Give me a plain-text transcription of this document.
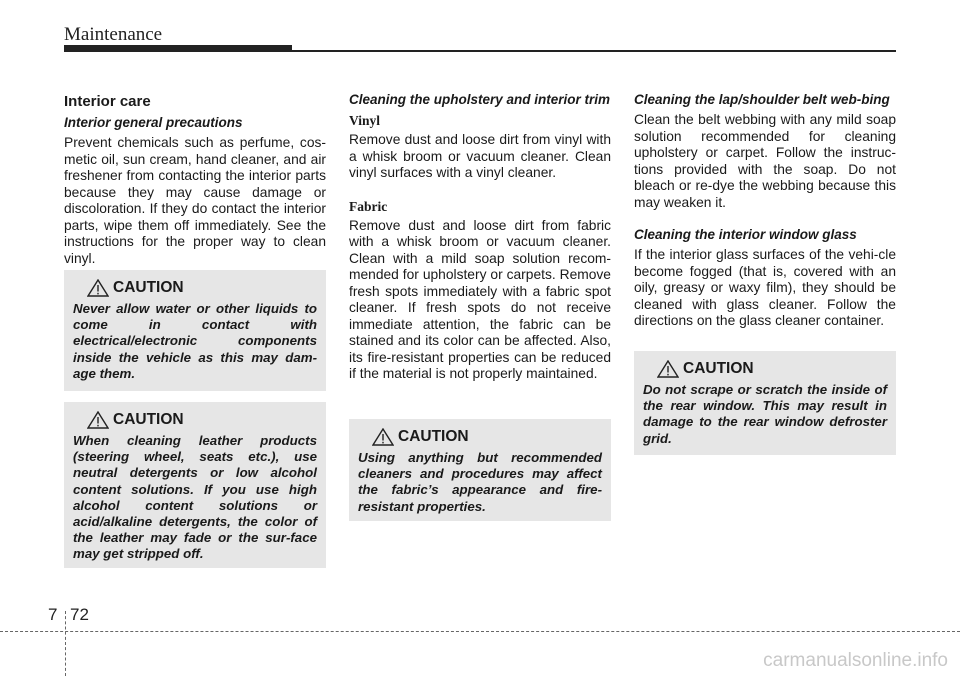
Maintenance
Interior care
Interior general precautions
Prevent chemicals such as perfume, cos-metic oil, sun cream, hand cleaner, and air freshener from contacting the interior parts because they may cause damage or discoloration. If they do contact the interior parts, wipe them off immediately. See the instructions for the proper way to clean vinyl.
Cleaning the upholstery and interior trim
Vinyl
Remove dust and loose dirt from vinyl with a whisk broom or vacuum cleaner. Clean vinyl surfaces with a vinyl cleaner.
Fabric
Remove dust and loose dirt from fabric with a whisk broom or vacuum cleaner. Clean with a mild soap solution recom-mended for upholstery or carpets. Remove fresh spots immediately with a fabric spot cleaner. If fresh spots do not receive immediate attention, the fabric can be stained and its color can be affected. Also, its fire-resistant properties can be reduced if the material is not properly maintained.
Cleaning the lap/shoulder belt web-bing
Clean the belt webbing with any mild soap solution recommended for cleaning upholstery or carpet. Follow the instruc-tions provided with the soap. Do not bleach or re-dye the webbing because this may weaken it.
Cleaning the interior window glass
If the interior glass surfaces of the vehi-cle become fogged (that is, covered with an oily, greasy or waxy film), they should be cleaned with glass cleaner. Follow the directions on the glass cleaner container.
CAUTION
Never allow water or other liquids to come in contact with electrical/electronic components inside the vehicle as this may dam-age them.
CAUTION
When cleaning leather products (steering wheel, seats etc.), use neutral detergents or low alcohol content solutions. If you use high alcohol content solutions or acid/alkaline detergents, the color of the leather may fade or the sur-face may get stripped off.
CAUTION
Using anything but recommended cleaners and procedures may affect the fabric’s appearance and fire-resistant properties.
CAUTION
Do not scrape or scratch the inside of the rear window. This may result in damage to the rear window defroster grid.
7 72
carmanualsonline.info
